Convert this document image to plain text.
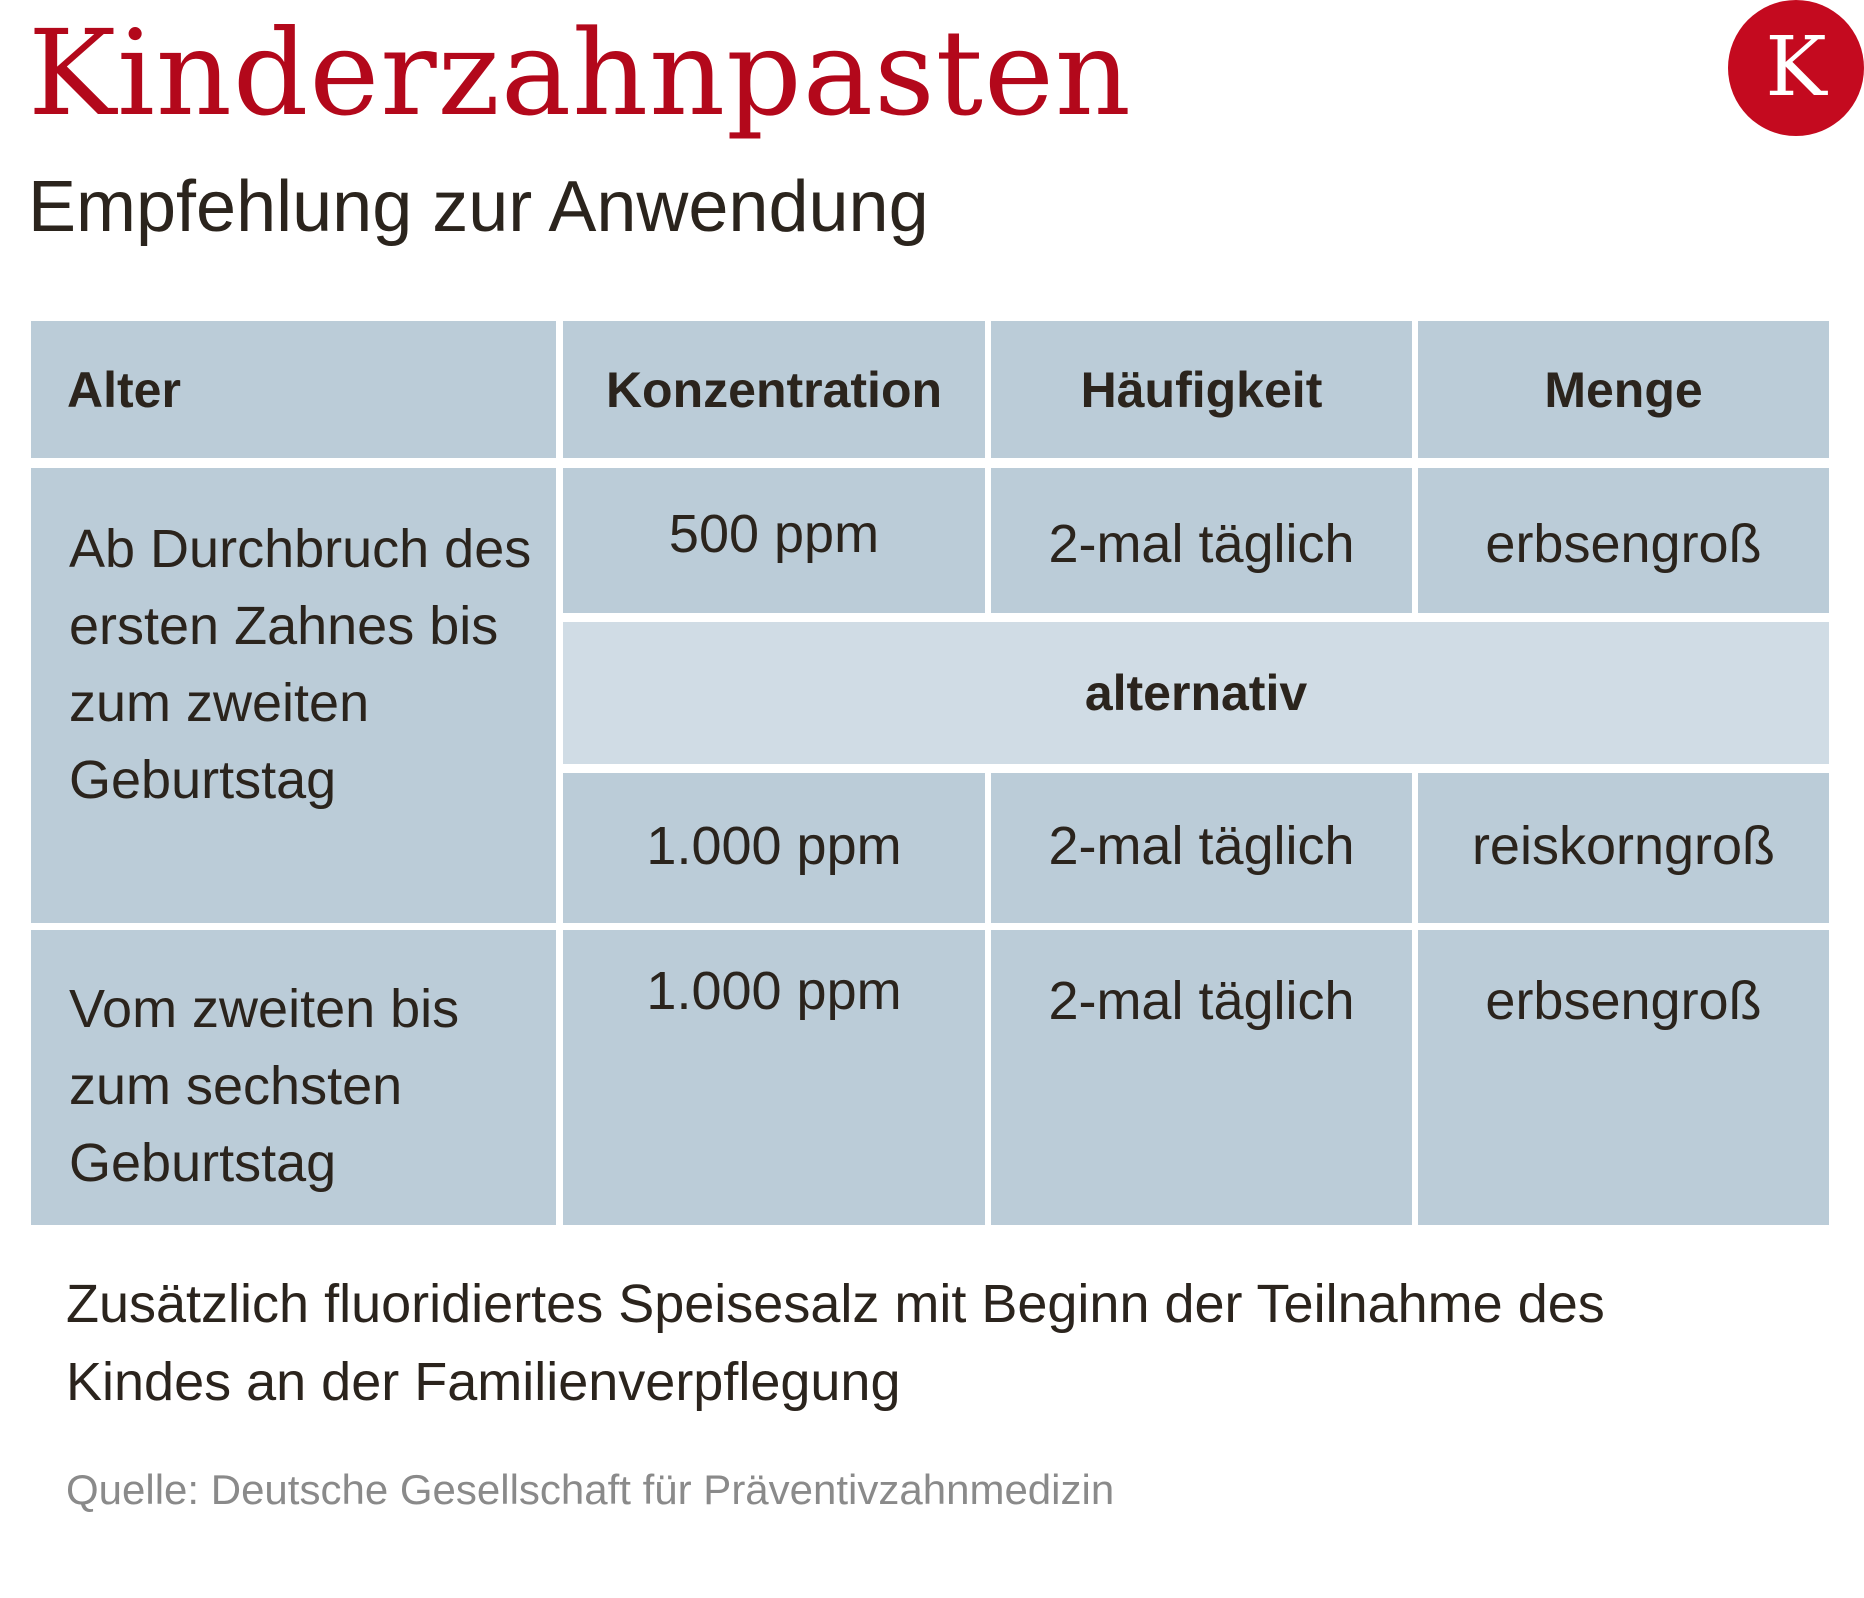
Kinderzahnpasten
Empfehlung zur Anwendung
K
Alter	Konzentration	Häufigkeit	Menge
Ab Durchbruch des ersten Zahnes bis zum zweiten Geburtstag
500 ppm	2-mal täglich	erbsengroß
alternativ
1.000 ppm	2-mal täglich	reiskorngroß
Vom zweiten bis zum sechsten Geburtstag
1.000 ppm	2-mal täglich	erbsengroß
Zusätzlich fluoridiertes Speisesalz mit Beginn der Teilnahme des Kindes an der Familienverpflegung
Quelle: Deutsche Gesellschaft für Präventivzahnmedizin
